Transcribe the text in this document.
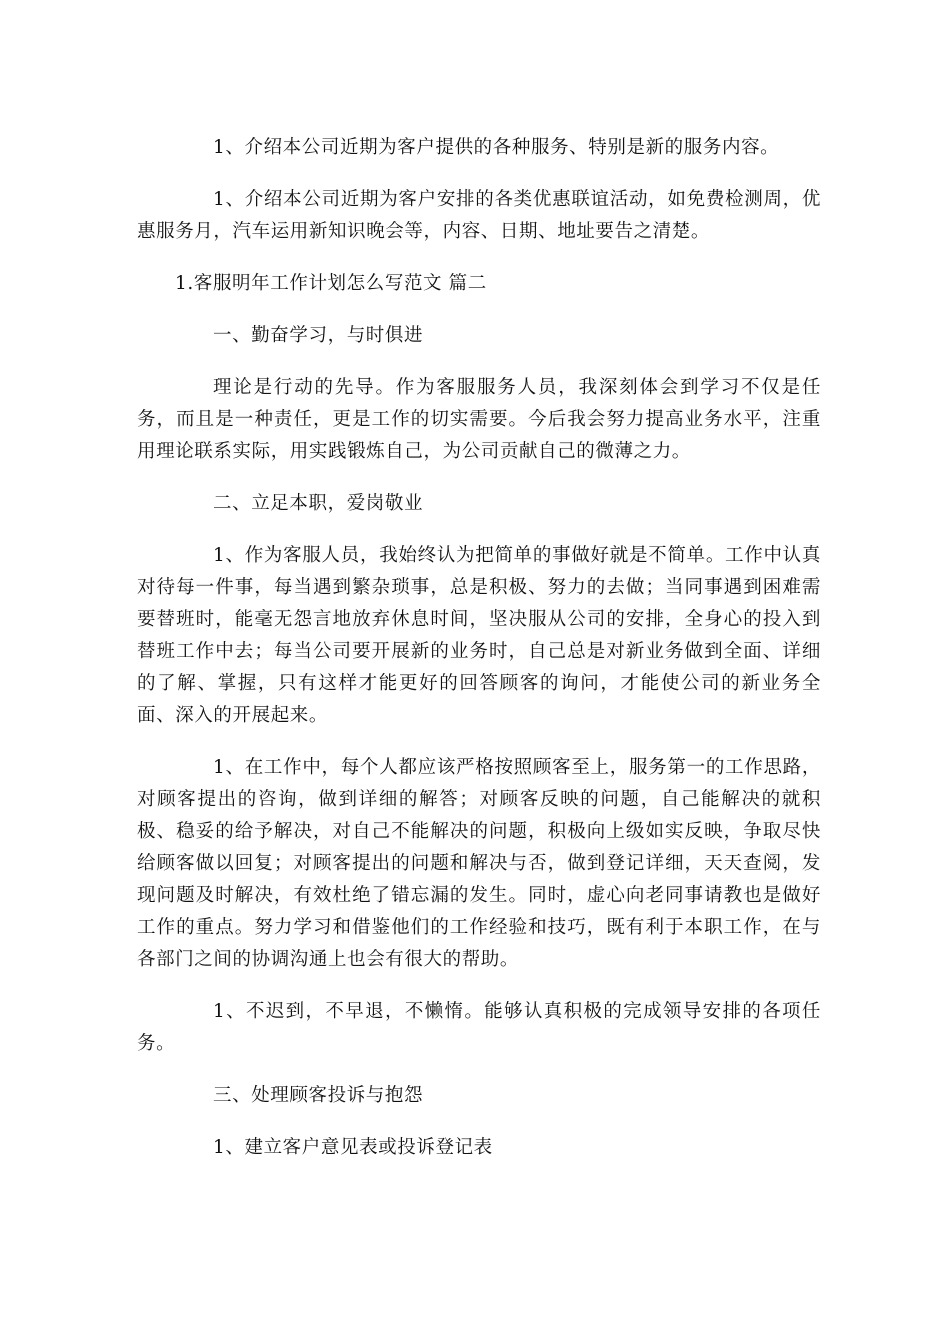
1、介绍本公司近期为客户提供的各种服务、特别是新的服务内容。

1、介绍本公司近期为客户安排的各类优惠联谊活动，如免费检测周，优惠服务月，汽车运用新知识晚会等，内容、日期、地址要告之清楚。

1.客服明年工作计划怎么写范文 篇二

一、勤奋学习，与时俱进

理论是行动的先导。作为客服服务人员，我深刻体会到学习不仅是任务，而且是一种责任，更是工作的切实需要。今后我会努力提高业务水平，注重用理论联系实际，用实践锻炼自己，为公司贡献自己的微薄之力。

二、立足本职，爱岗敬业

1、作为客服人员，我始终认为把简单的事做好就是不简单。工作中认真对待每一件事，每当遇到繁杂琐事，总是积极、努力的去做；当同事遇到困难需要替班时，能毫无怨言地放弃休息时间，坚决服从公司的安排，全身心的投入到替班工作中去；每当公司要开展新的业务时，自己总是对新业务做到全面、详细的了解、掌握，只有这样才能更好的回答顾客的询问，才能使公司的新业务全面、深入的开展起来。

1、在工作中，每个人都应该严格按照顾客至上，服务第一的工作思路，对顾客提出的咨询，做到详细的解答；对顾客反映的问题，自己能解决的就积极、稳妥的给予解决，对自己不能解决的问题，积极向上级如实反映，争取尽快给顾客做以回复；对顾客提出的问题和解决与否，做到登记详细，天天查阅，发现问题及时解决，有效杜绝了错忘漏的发生。同时，虚心向老同事请教也是做好工作的重点。努力学习和借鉴他们的工作经验和技巧，既有利于本职工作，在与各部门之间的协调沟通上也会有很大的帮助。

1、不迟到，不早退，不懒惰。能够认真积极的完成领导安排的各项任务。

三、处理顾客投诉与抱怨

1、建立客户意见表或投诉登记表
